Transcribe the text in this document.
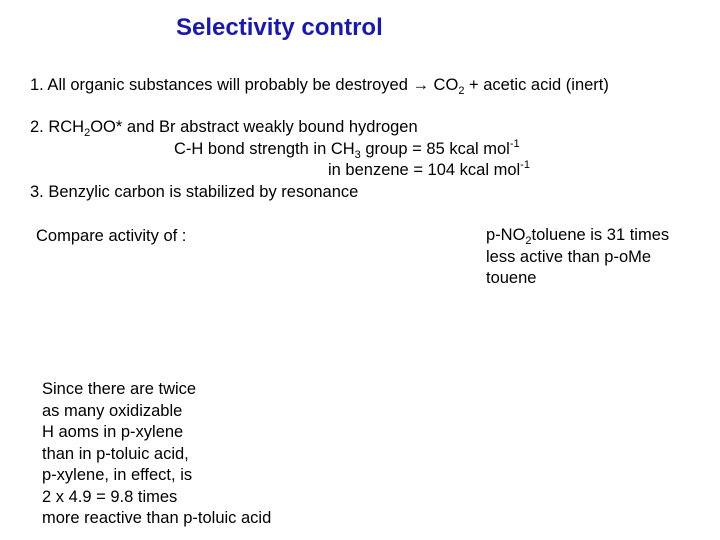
Selectivity control
1. All organic substances will probably be destroyed → $CO_2$ + acetic acid (inert)
2. $RCH_2OO*$ and Br abstract weakly bound hydrogen
C-H bond strength in $CH_3$ group = 85 kcal mol$^{-1}$
in benzene = 104 kcal mol$^{-1}$
3. Benzylic carbon is stabilized by resonance
Compare activity of :	$p-NO_2toluene$ is 31 times
less active than p-oMe
touene
Since there are twice
as many oxidizable
H aoms in p-xylene
than in p-toluic acid,
p-xylene, in effect, is
2 x 4.9 = 9.8 times
more reactive than p-toluic acid
